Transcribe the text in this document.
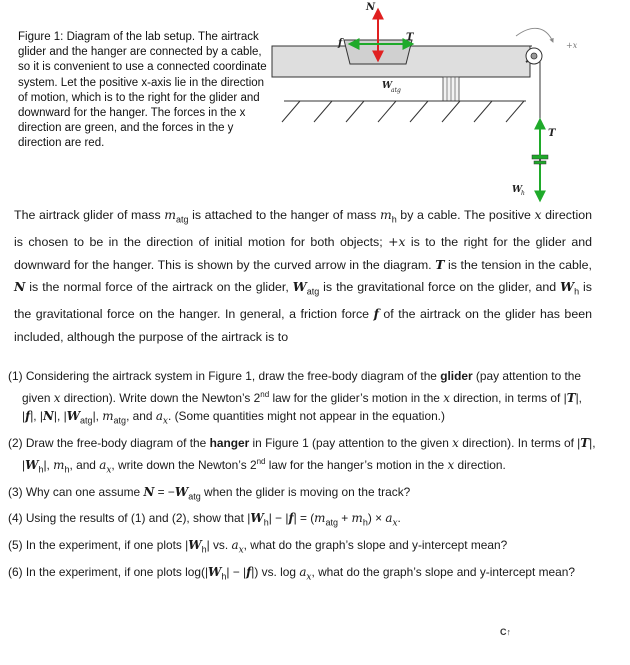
Figure 1: Diagram of the lab setup. The airtrack glider and the hanger are connected by a cable, so it is convenient to use a connected coordinate system. Let the positive x-axis lie in the direction of motion, which is to the right for the glider and downward for the hanger. The forces in the x direction are green, and the forces in the y direction are red.
+x
N
T
f
W
atg
T
W
h

The airtrack glider of mass $m_{atg}$ is attached to the hanger of mass $m_h$ by a cable. The positive x direction is chosen to be in the direction of initial motion for both objects; +x is to the right for the glider and downward for the hanger. This is shown by the curved arrow in the diagram. T is the tension in the cable, N is the normal force of the airtrack on the glider, $W_{atg}$ is the gravitational force on the glider, and $W_h$ is the gravitational force on the hanger. In general, a friction force f of the airtrack on the glider has been included, although the purpose of the airtrack is to

(1) Considering the airtrack system in Figure 1, draw the free-body diagram of the glider (pay attention to the given x direction). Write down the Newton’s 2nd law for the glider’s motion in the x direction, in terms of |T|, |f|, |N|, $|W_{atg}|$, $m_{atg}$, and $a_x$. (Some quantities might not appear in the equation.)
(2) Draw the free-body diagram of the hanger in Figure 1 (pay attention to the given x direction). In terms of |T|, $|W_h|$, $m_h$, and $a_x$, write down the Newton’s 2nd law for the hanger’s motion in the x direction.
(3) Why can one assume $N = -W_{atg}$ when the glider is moving on the track?
(4) Using the results of (1) and (2), show that $|W_h| - |f| = (m_{atg} + m_h) \times a_x$.
(5) In the experiment, if one plots $|W_h|$ vs. $a_x$, what do the graph’s slope and y-intercept mean?
(6) In the experiment, if one plots $\log(|W_h| - |f|)$ vs. $\log a_x$, what do the graph’s slope and y-intercept mean?
C↑
